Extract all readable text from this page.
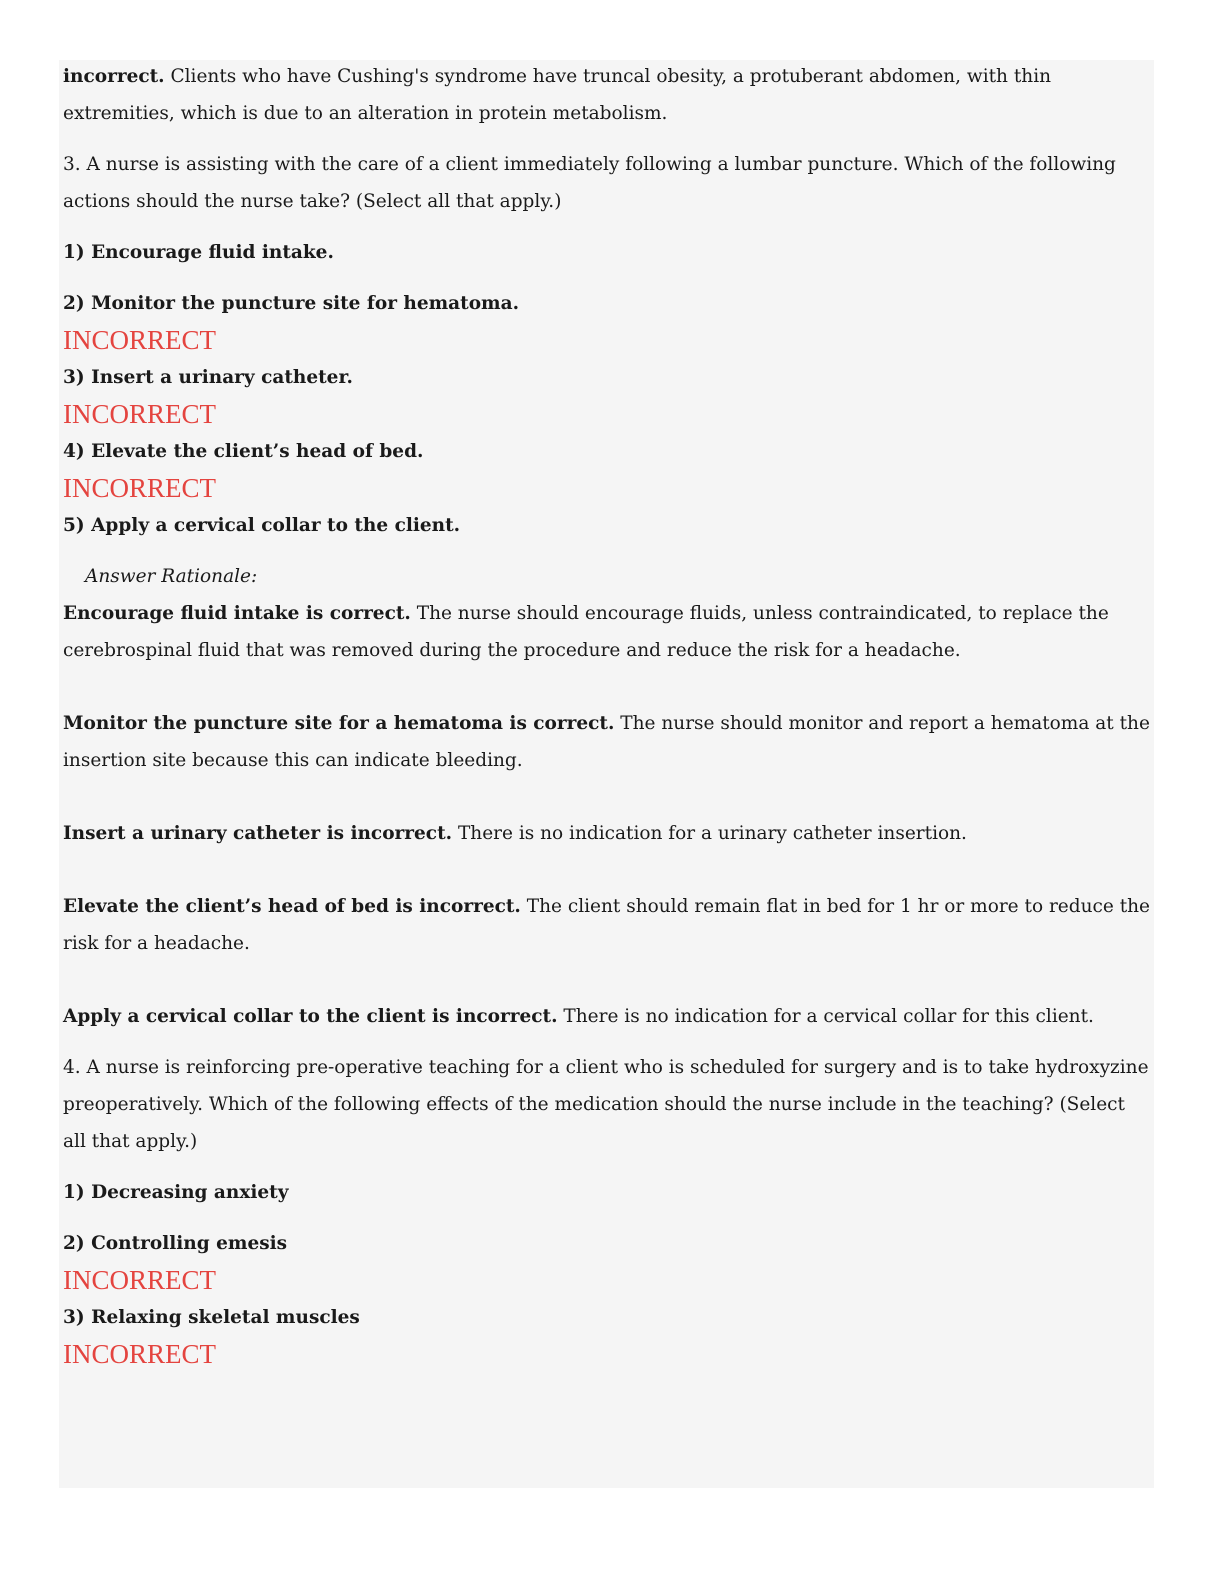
incorrect. Clients who have Cushing's syndrome have truncal obesity, a protuberant abdomen, with thin extremities, which is due to an alteration in protein metabolism.
3. A nurse is assisting with the care of a client immediately following a lumbar puncture. Which of the following actions should the nurse take? (Select all that apply.)
1) Encourage fluid intake.
2) Monitor the puncture site for hematoma.
INCORRECT
3) Insert a urinary catheter.
INCORRECT
4) Elevate the client’s head of bed.
INCORRECT
5) Apply a cervical collar to the client.
Answer Rationale:
Encourage fluid intake is correct. The nurse should encourage fluids, unless contraindicated, to replace the cerebrospinal fluid that was removed during the procedure and reduce the risk for a headache.
Monitor the puncture site for a hematoma is correct. The nurse should monitor and report a hematoma at the insertion site because this can indicate bleeding.
Insert a urinary catheter is incorrect. There is no indication for a urinary catheter insertion.
Elevate the client’s head of bed is incorrect. The client should remain flat in bed for 1 hr or more to reduce the risk for a headache.
Apply a cervical collar to the client is incorrect. There is no indication for a cervical collar for this client.
4. A nurse is reinforcing pre-operative teaching for a client who is scheduled for surgery and is to take hydroxyzine preoperatively. Which of the following effects of the medication should the nurse include in the teaching? (Select all that apply.)
1) Decreasing anxiety
2) Controlling emesis
INCORRECT
3) Relaxing skeletal muscles
INCORRECT
